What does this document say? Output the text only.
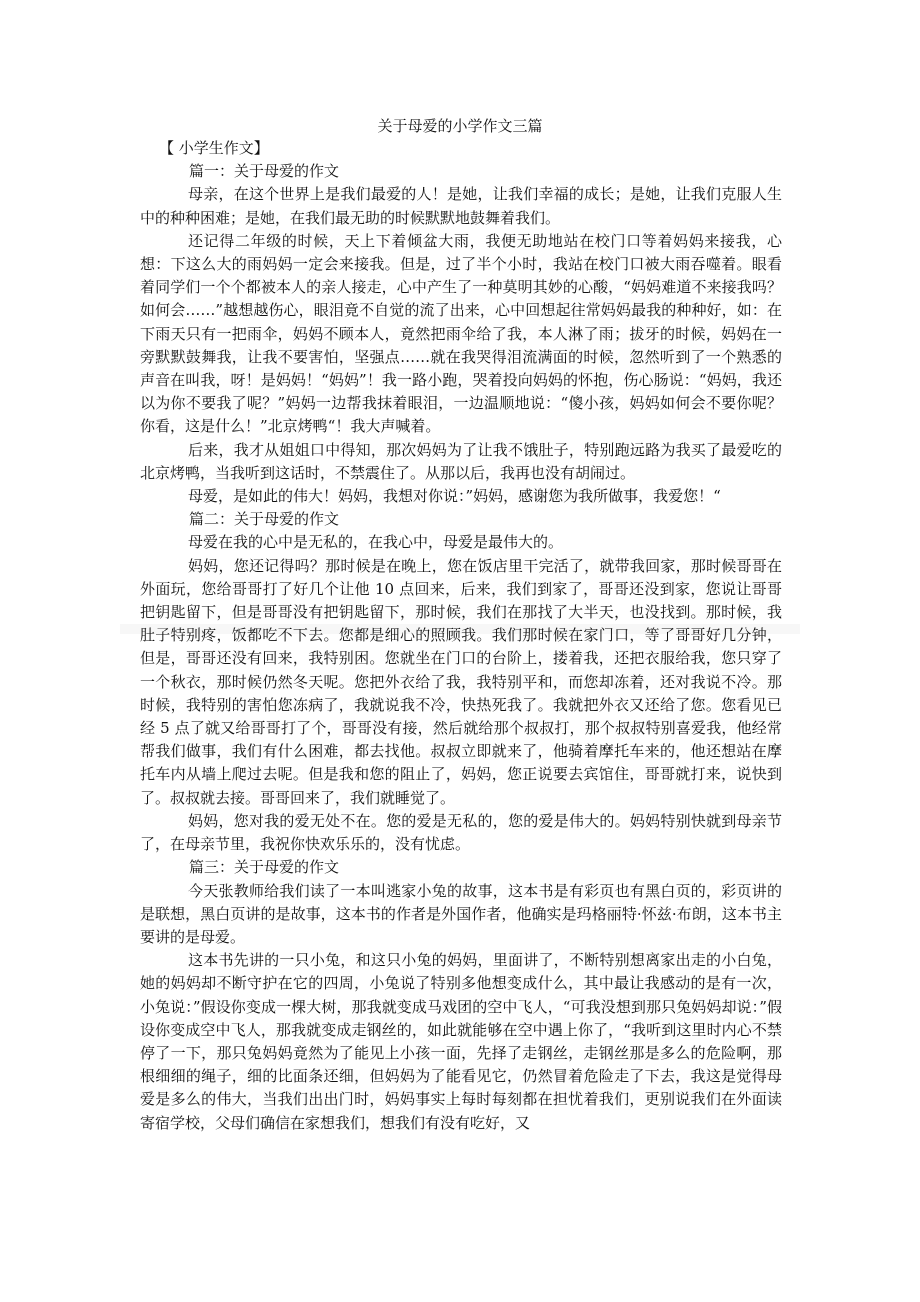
关于母爱的小学作文三篇

【 小学生作文】

篇一：关于母爱的作文

母亲，在这个世界上是我们最爱的人！是她，让我们幸福的成长；是她，让我们克服人生中的种种困难；是她，在我们最无助的时候默默地鼓舞着我们。

还记得二年级的时候，天上下着倾盆大雨，我便无助地站在校门口等着妈妈来接我，心想：下这么大的雨妈妈一定会来接我。但是，过了半个小时，我站在校门口被大雨吞噬着。眼看着同学们一个个都被本人的亲人接走，心中产生了一种莫明其妙的心酸，“妈妈难道不来接我吗？如何会……”越想越伤心，眼泪竟不自觉的流了出来，心中回想起往常妈妈最我的种种好，如：在下雨天只有一把雨伞，妈妈不顾本人，竟然把雨伞给了我，本人淋了雨；拔牙的时候，妈妈在一旁默默鼓舞我，让我不要害怕，坚强点……就在我哭得泪流满面的时候，忽然听到了一个熟悉的声音在叫我，呀！是妈妈！“妈妈”！我一路小跑，哭着投向妈妈的怀抱，伤心肠说：“妈妈，我还以为你不要我了呢？”妈妈一边帮我抹着眼泪，一边温顺地说：“傻小孩，妈妈如何会不要你呢？你看，这是什么！”北京烤鸭“！我大声喊着。

后来，我才从姐姐口中得知，那次妈妈为了让我不饿肚子，特别跑远路为我买了最爱吃的北京烤鸭，当我听到这话时，不禁震住了。从那以后，我再也没有胡闹过。

母爱，是如此的伟大！妈妈，我想对你说：”妈妈，感谢您为我所做事，我爱您！“

篇二：关于母爱的作文

母爱在我的心中是无私的，在我心中，母爱是最伟大的。

妈妈，您还记得吗？那时候是在晚上，您在饭店里干完活了，就带我回家，那时候哥哥在外面玩，您给哥哥打了好几个让他 10 点回来，后来，我们到家了，哥哥还没到家，您说让哥哥把钥匙留下，但是哥哥没有把钥匙留下，那时候，我们在那找了大半天，也没找到。那时候，我肚子特别疼，饭都吃不下去。您都是细心的照顾我。我们那时候在家门口，等了哥哥好几分钟，但是，哥哥还没有回来，我特别困。您就坐在门口的台阶上，搂着我，还把衣服给我，您只穿了一个秋衣，那时候仍然冬天呢。您把外衣给了我，我特别平和，而您却冻着，还对我说不冷。那时候，我特别的害怕您冻病了，我就说我不冷，快热死我了。我就把外衣又还给了您。您看见已经 5 点了就又给哥哥打了个，哥哥没有接，然后就给那个叔叔打，那个叔叔特别喜爱我，他经常帮我们做事，我们有什么困难，都去找他。叔叔立即就来了，他骑着摩托车来的，他还想站在摩托车内从墙上爬过去呢。但是我和您的阻止了，妈妈，您正说要去宾馆住，哥哥就打来，说快到了。叔叔就去接。哥哥回来了，我们就睡觉了。

妈妈，您对我的爱无处不在。您的爱是无私的，您的爱是伟大的。妈妈特别快就到母亲节了，在母亲节里，我祝你快欢乐乐的，没有忧虑。

篇三：关于母爱的作文

今天张教师给我们读了一本叫逃家小兔的故事，这本书是有彩页也有黑白页的，彩页讲的是联想，黑白页讲的是故事，这本书的作者是外国作者，他确实是玛格丽特·怀兹·布朗，这本书主要讲的是母爱。

这本书先讲的一只小兔，和这只小兔的妈妈，里面讲了，不断特别想离家出走的小白兔，她的妈妈却不断守护在它的四周，小兔说了特别多他想变成什么，其中最让我感动的是有一次，小兔说：”假设你变成一棵大树，那我就变成马戏团的空中飞人，“可我没想到那只兔妈妈却说：”假设你变成空中飞人，那我就变成走钢丝的，如此就能够在空中遇上你了，“我听到这里时内心不禁停了一下，那只兔妈妈竟然为了能见上小孩一面，先择了走钢丝，走钢丝那是多么的危险啊，那根细细的绳子，细的比面条还细，但妈妈为了能看见它，仍然冒着危险走了下去，我这是觉得母爱是多么的伟大，当我们出出门时，妈妈事实上每时每刻都在担忧着我们，更别说我们在外面读寄宿学校，父母们确信在家想我们，想我们有没有吃好，又
